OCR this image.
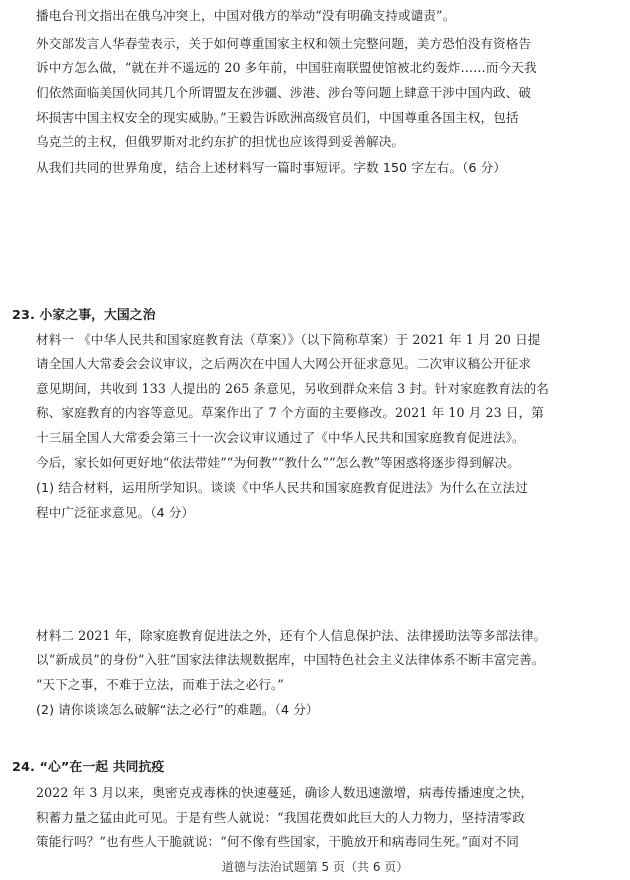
播电台刊文指出在俄乌冲突上，中国对俄方的举动“没有明确支持或谴责”。
外交部发言人华春莹表示，关于如何尊重国家主权和领土完整问题，美方恐怕没有资格告
诉中方怎么做，“就在并不遥远的 20 多年前，中国驻南联盟使馆被北约轰炸……而今天我
们依然面临美国伙同其几个所谓盟友在涉疆、涉港、涉台等问题上肆意干涉中国内政、破
坏损害中国主权安全的现实威胁。”王毅告诉欧洲高级官员们，中国尊重各国主权，包括
乌克兰的主权，但俄罗斯对北约东扩的担忧也应该得到妥善解决。
从我们共同的世界角度，结合上述材料写一篇时事短评。字数 150 字左右。（6 分）
23. 小家之事，大国之治
材料一 《中华人民共和国家庭教育法（草案）》（以下简称草案）于 2021 年 1 月 20 日提
请全国人大常委会会议审议，之后两次在中国人大网公开征求意见。二次审议稿公开征求
意见期间，共收到 133 人提出的 265 条意见，另收到群众来信 3 封。针对家庭教育法的名
称、家庭教育的内容等意见。草案作出了 7 个方面的主要修改。2021 年 10 月 23 日，第
十三届全国人大常委会第三十一次会议审议通过了《中华人民共和国家庭教育促进法》。
今后，家长如何更好地“依法带娃”“为何教”“教什么”“怎么教”等困惑将逐步得到解决。
(1) 结合材料，运用所学知识。谈谈《中华人民共和国家庭教育促进法》为什么在立法过
程中广泛征求意见。（4 分）
材料二 2021 年，除家庭教育促进法之外，还有个人信息保护法、法律援助法等多部法律。
以“新成员”的身份“入驻”国家法律法规数据库，中国特色社会主义法律体系不断丰富完善。
“天下之事，不难于立法，而难于法之必行。”
(2) 请你谈谈怎么破解“法之必行”的难题。（4 分）
24. “心”在一起 共同抗疫
2022 年 3 月以来，奥密克戎毒株的快速蔓延，确诊人数迅速激增，病毒传播速度之快，
积蓄力量之猛由此可见。于是有些人就说：“我国花费如此巨大的人力物力，坚持清零政
策能行吗？”也有些人干脆就说：“何不像有些国家，干脆放开和病毒同生死。”面对不同
道德与法治试题第 5 页（共 6 页）
